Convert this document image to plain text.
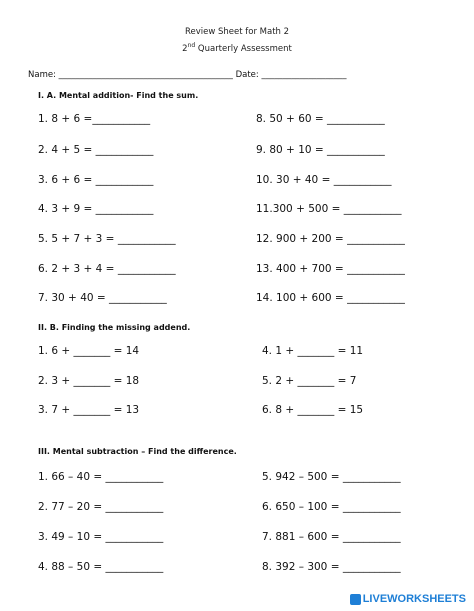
Review Sheet for Math 2
2nd Quarterly Assessment
Name: _________________________________________ Date: ____________________
I. A. Mental addition- Find the sum.
1. 8 + 6 =___________
2. 4 + 5 = ___________
3. 6 + 6 = ___________
4. 3 + 9 = ___________
5. 5 + 7 + 3 = ___________
6. 2 + 3 + 4 = ___________
7. 30 + 40 = ___________
8. 50 + 60 = ___________
9. 80 + 10 = ___________
10. 30 + 40 = ___________
11.300 + 500 = ___________
12. 900 + 200 = ___________
13. 400 + 700 = ___________
14. 100 + 600 = ___________
II. B. Finding the missing addend.
1. 6 + _______ = 14
2. 3 + _______ = 18
3. 7 + _______ = 13
4. 1 + _______ = 11
5. 2 + _______ = 7
6. 8 + _______ = 15
III. Mental subtraction – Find the difference.
1. 66 – 40 = ___________
2. 77 – 20 = ___________
3. 49 – 10 = ___________
4. 88 – 50 = ___________
5. 942 – 500 = ___________
6. 650 – 100 = ___________
7. 881 – 600 = ___________
8. 392 – 300 = ___________
LIVEWORKSHEETS
